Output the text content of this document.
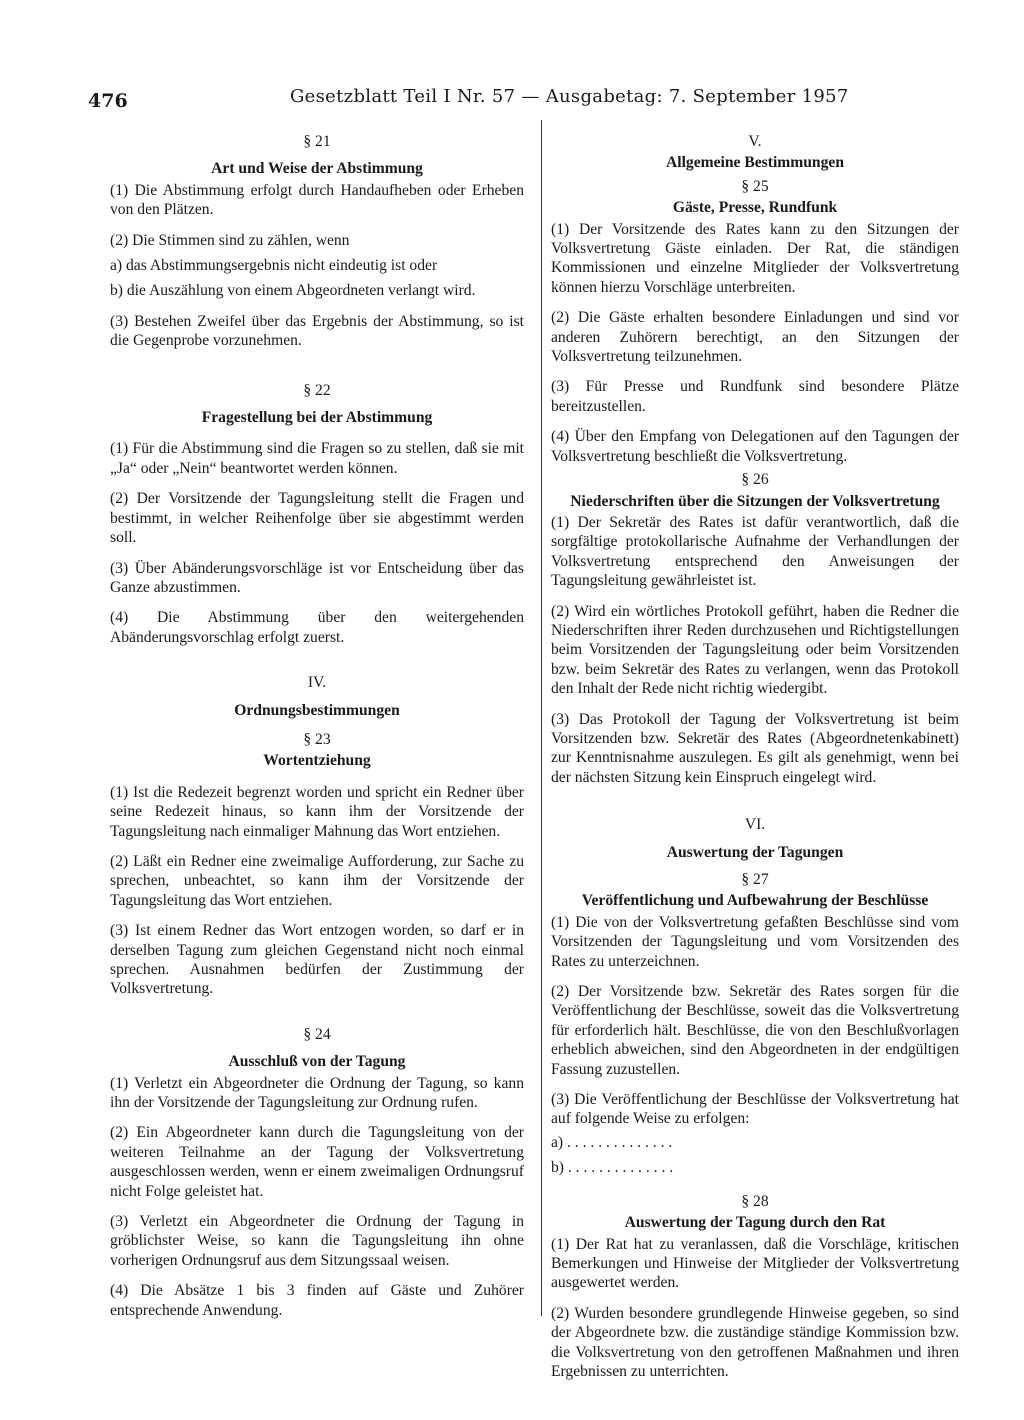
476	Gesetzblatt Teil I Nr. 57 — Ausgabetag: 7. September 1957
§ 21
Art und Weise der Abstimmung

(1) Die Abstimmung erfolgt durch Handaufheben oder Erheben von den Plätzen.

(2) Die Stimmen sind zu zählen, wenn

a) das Abstimmungsergebnis nicht eindeutig ist oder

b) die Auszählung von einem Abgeordneten verlangt wird.

(3) Bestehen Zweifel über das Ergebnis der Abstimmung, so ist die Gegenprobe vorzunehmen.

§ 22
Fragestellung bei der Abstimmung

(1) Für die Abstimmung sind die Fragen so zu stellen, daß sie mit „Ja“ oder „Nein“ beantwortet werden können.

(2) Der Vorsitzende der Tagungsleitung stellt die Fragen und bestimmt, in welcher Reihenfolge über sie abgestimmt werden soll.

(3) Über Abänderungsvorschläge ist vor Entscheidung über das Ganze abzustimmen.

(4) Die Abstimmung über den weitergehenden Abänderungsvorschlag erfolgt zuerst.

IV.
Ordnungsbestimmungen
§ 23
Wortentziehung

(1) Ist die Redezeit begrenzt worden und spricht ein Redner über seine Redezeit hinaus, so kann ihm der Vorsitzende der Tagungsleitung nach einmaliger Mahnung das Wort entziehen.

(2) Läßt ein Redner eine zweimalige Aufforderung, zur Sache zu sprechen, unbeachtet, so kann ihm der Vorsitzende der Tagungsleitung das Wort entziehen.

(3) Ist einem Redner das Wort entzogen worden, so darf er in derselben Tagung zum gleichen Gegenstand nicht noch einmal sprechen. Ausnahmen bedürfen der Zustimmung der Volksvertretung.

§ 24
Ausschluß von der Tagung

(1) Verletzt ein Abgeordneter die Ordnung der Tagung, so kann ihn der Vorsitzende der Tagungsleitung zur Ordnung rufen.

(2) Ein Abgeordneter kann durch die Tagungsleitung von der weiteren Teilnahme an der Tagung der Volksvertretung ausgeschlossen werden, wenn er einem zweimaligen Ordnungsruf nicht Folge geleistet hat.

(3) Verletzt ein Abgeordneter die Ordnung der Tagung in gröblichster Weise, so kann die Tagungsleitung ihn ohne vorherigen Ordnungsruf aus dem Sitzungssaal weisen.

(4) Die Absätze 1 bis 3 finden auf Gäste und Zuhörer entsprechende Anwendung.

V.
Allgemeine Bestimmungen
§ 25
Gäste, Presse, Rundfunk

(1) Der Vorsitzende des Rates kann zu den Sitzungen der Volksvertretung Gäste einladen. Der Rat, die ständigen Kommissionen und einzelne Mitglieder der Volksvertretung können hierzu Vorschläge unterbreiten.

(2) Die Gäste erhalten besondere Einladungen und sind vor anderen Zuhörern berechtigt, an den Sitzungen der Volksvertretung teilzunehmen.

(3) Für Presse und Rundfunk sind besondere Plätze bereitzustellen.

(4) Über den Empfang von Delegationen auf den Tagungen der Volksvertretung beschließt die Volksvertretung.

§ 26
Niederschriften über die Sitzungen der Volksvertretung

(1) Der Sekretär des Rates ist dafür verantwortlich, daß die sorgfältige protokollarische Aufnahme der Verhandlungen der Volksvertretung entsprechend den Anweisungen der Tagungsleitung gewährleistet ist.

(2) Wird ein wörtliches Protokoll geführt, haben die Redner die Niederschriften ihrer Reden durchzusehen und Richtigstellungen beim Vorsitzenden der Tagungsleitung oder beim Vorsitzenden bzw. beim Sekretär des Rates zu verlangen, wenn das Protokoll den Inhalt der Rede nicht richtig wiedergibt.

(3) Das Protokoll der Tagung der Volksvertretung ist beim Vorsitzenden bzw. Sekretär des Rates (Abgeordnetenkabinett) zur Kenntnisnahme auszulegen. Es gilt als genehmigt, wenn bei der nächsten Sitzung kein Einspruch eingelegt wird.

VI.
Auswertung der Tagungen
§ 27
Veröffentlichung und Aufbewahrung der Beschlüsse

(1) Die von der Volksvertretung gefaßten Beschlüsse sind vom Vorsitzenden der Tagungsleitung und vom Vorsitzenden des Rates zu unterzeichnen.

(2) Der Vorsitzende bzw. Sekretär des Rates sorgen für die Veröffentlichung der Beschlüsse, soweit das die Volksvertretung für erforderlich hält. Beschlüsse, die von den Beschlußvorlagen erheblich abweichen, sind den Abgeordneten in der endgültigen Fassung zuzustellen.

(3) Die Veröffentlichung der Beschlüsse der Volksvertretung hat auf folgende Weise zu erfolgen:

a) . . . . . . . . . . . . . .

b) . . . . . . . . . . . . . .

§ 28
Auswertung der Tagung durch den Rat

(1) Der Rat hat zu veranlassen, daß die Vorschläge, kritischen Bemerkungen und Hinweise der Mitglieder der Volksvertretung ausgewertet werden.

(2) Wurden besondere grundlegende Hinweise gegeben, so sind der Abgeordnete bzw. die zuständige ständige Kommission bzw. die Volksvertretung von den getroffenen Maßnahmen und ihren Ergebnissen zu unterrichten.
